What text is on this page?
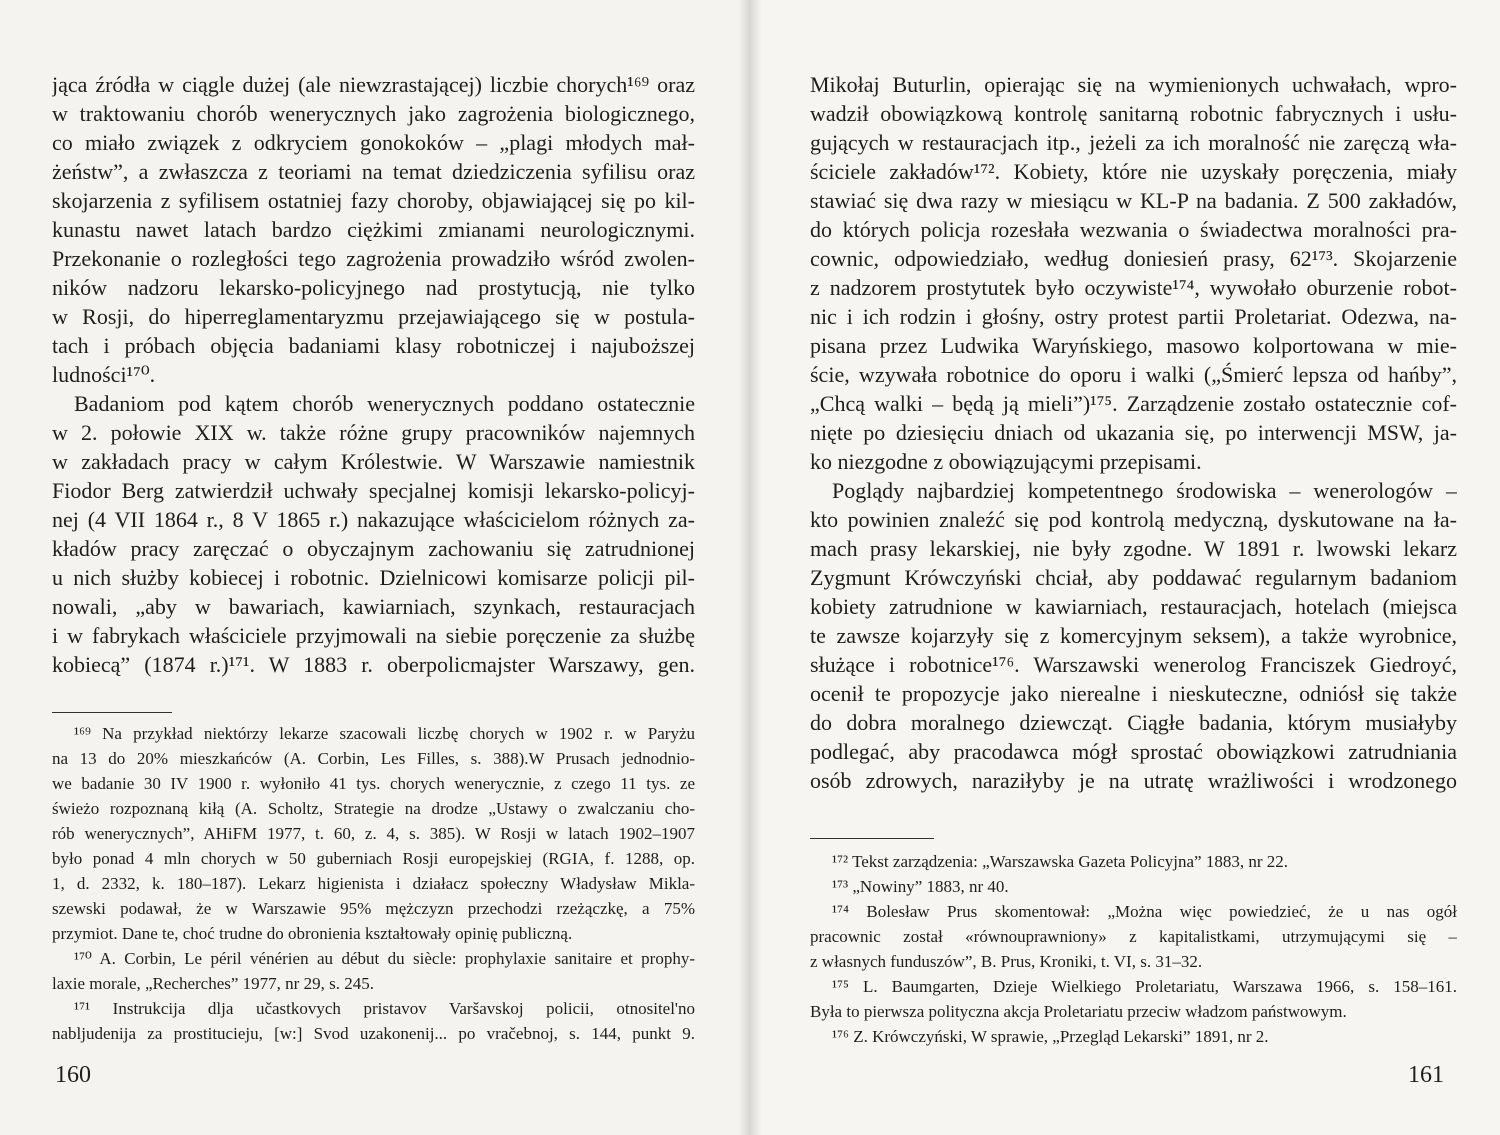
jąca źródła w ciągle dużej (ale niewzrastającej) liczbie chorych¹⁶⁹ oraz
w traktowaniu chorób wenerycznych jako zagrożenia biologicznego,
co miało związek z odkryciem gonokoków – „plagi młodych mał-
żeństw”, a zwłaszcza z teoriami na temat dziedziczenia syfilisu oraz
skojarzenia z syfilisem ostatniej fazy choroby, objawiającej się po kil-
kunastu nawet latach bardzo ciężkimi zmianami neurologicznymi.
Przekonanie o rozległości tego zagrożenia prowadziło wśród zwolen-
ników nadzoru lekarsko-policyjnego nad prostytucją, nie tylko
w Rosji, do hiperreglamentaryzmu przejawiającego się w postula-
tach i próbach objęcia badaniami klasy robotniczej i najuboższej
ludności¹⁷⁰.
Badaniom pod kątem chorób wenerycznych poddano ostatecznie
w 2. połowie XIX w. także różne grupy pracowników najemnych
w zakładach pracy w całym Królestwie. W Warszawie namiestnik
Fiodor Berg zatwierdził uchwały specjalnej komisji lekarsko-policyj-
nej (4 VII 1864 r., 8 V 1865 r.) nakazujące właścicielom różnych za-
kładów pracy zaręczać o obyczajnym zachowaniu się zatrudnionej
u nich służby kobiecej i robotnic. Dzielnicowi komisarze policji pil-
nowali, „aby w bawariach, kawiarniach, szynkach, restauracjach
i w fabrykach właściciele przyjmowali na siebie poręczenie za służbę
kobiecą” (1874 r.)¹⁷¹. W 1883 r. oberpolicmajster Warszawy, gen.
¹⁶⁹ Na przykład niektórzy lekarze szacowali liczbę chorych w 1902 r. w Paryżu
na 13 do 20% mieszkańców (A. Corbin, Les Filles, s. 388).W Prusach jednodnio-
we badanie 30 IV 1900 r. wyłoniło 41 tys. chorych wenerycznie, z czego 11 tys. ze
świeżo rozpoznaną kiłą (A. Scholtz, Strategie na drodze „Ustawy o zwalczaniu cho-
rób wenerycznych”, AHiFM 1977, t. 60, z. 4, s. 385). W Rosji w latach 1902–1907
było ponad 4 mln chorych w 50 guberniach Rosji europejskiej (RGIA, f. 1288, op.
1, d. 2332, k. 180–187). Lekarz higienista i działacz społeczny Władysław Mikla-
szewski podawał, że w Warszawie 95% mężczyzn przechodzi rzeżączkę, a 75%
przymiot. Dane te, choć trudne do obronienia kształtowały opinię publiczną.
¹⁷⁰ A. Corbin, Le péril vénérien au début du siècle: prophylaxie sanitaire et prophy-
laxie morale, „Recherches” 1977, nr 29, s. 245.
¹⁷¹ Instrukcija dlja učastkovych pristavov Varšavskoj policii, otnositel'no
nabljudenija za prostitucieju, [w:] Svod uzakonenij... po vračebnoj, s. 144, punkt 9.
160
Mikołaj Buturlin, opierając się na wymienionych uchwałach, wpro-
wadził obowiązkową kontrolę sanitarną robotnic fabrycznych i usłu-
gujących w restauracjach itp., jeżeli za ich moralność nie zaręczą wła-
ściciele zakładów¹⁷². Kobiety, które nie uzyskały poręczenia, miały
stawiać się dwa razy w miesiącu w KL-P na badania. Z 500 zakładów,
do których policja rozesłała wezwania o świadectwa moralności pra-
cownic, odpowiedziało, według doniesień prasy, 62¹⁷³. Skojarzenie
z nadzorem prostytutek było oczywiste¹⁷⁴, wywołało oburzenie robot-
nic i ich rodzin i głośny, ostry protest partii Proletariat. Odezwa, na-
pisana przez Ludwika Waryńskiego, masowo kolportowana w mie-
ście, wzywała robotnice do oporu i walki („Śmierć lepsza od hańby”,
„Chcą walki – będą ją mieli”)¹⁷⁵. Zarządzenie zostało ostatecznie cof-
nięte po dziesięciu dniach od ukazania się, po interwencji MSW, ja-
ko niezgodne z obowiązującymi przepisami.
Poglądy najbardziej kompetentnego środowiska – wenerologów –
kto powinien znaleźć się pod kontrolą medyczną, dyskutowane na ła-
mach prasy lekarskiej, nie były zgodne. W 1891 r. lwowski lekarz
Zygmunt Krówczyński chciał, aby poddawać regularnym badaniom
kobiety zatrudnione w kawiarniach, restauracjach, hotelach (miejsca
te zawsze kojarzyły się z komercyjnym seksem), a także wyrobnice,
służące i robotnice¹⁷⁶. Warszawski wenerolog Franciszek Giedroyć,
ocenił te propozycje jako nierealne i nieskuteczne, odniósł się także
do dobra moralnego dziewcząt. Ciągłe badania, którym musiałyby
podlegać, aby pracodawca mógł sprostać obowiązkowi zatrudniania
osób zdrowych, naraziłyby je na utratę wrażliwości i wrodzonego
¹⁷² Tekst zarządzenia: „Warszawska Gazeta Policyjna” 1883, nr 22.
¹⁷³ „Nowiny” 1883, nr 40.
¹⁷⁴ Bolesław Prus skomentował: „Można więc powiedzieć, że u nas ogół
pracownic został «równouprawniony» z kapitalistkami, utrzymującymi się –
z własnych funduszów”, B. Prus, Kroniki, t. VI, s. 31–32.
¹⁷⁵ L. Baumgarten, Dzieje Wielkiego Proletariatu, Warszawa 1966, s. 158–161.
Była to pierwsza polityczna akcja Proletariatu przeciw władzom państwowym.
¹⁷⁶ Z. Krówczyński, W sprawie, „Przegląd Lekarski” 1891, nr 2.
161
